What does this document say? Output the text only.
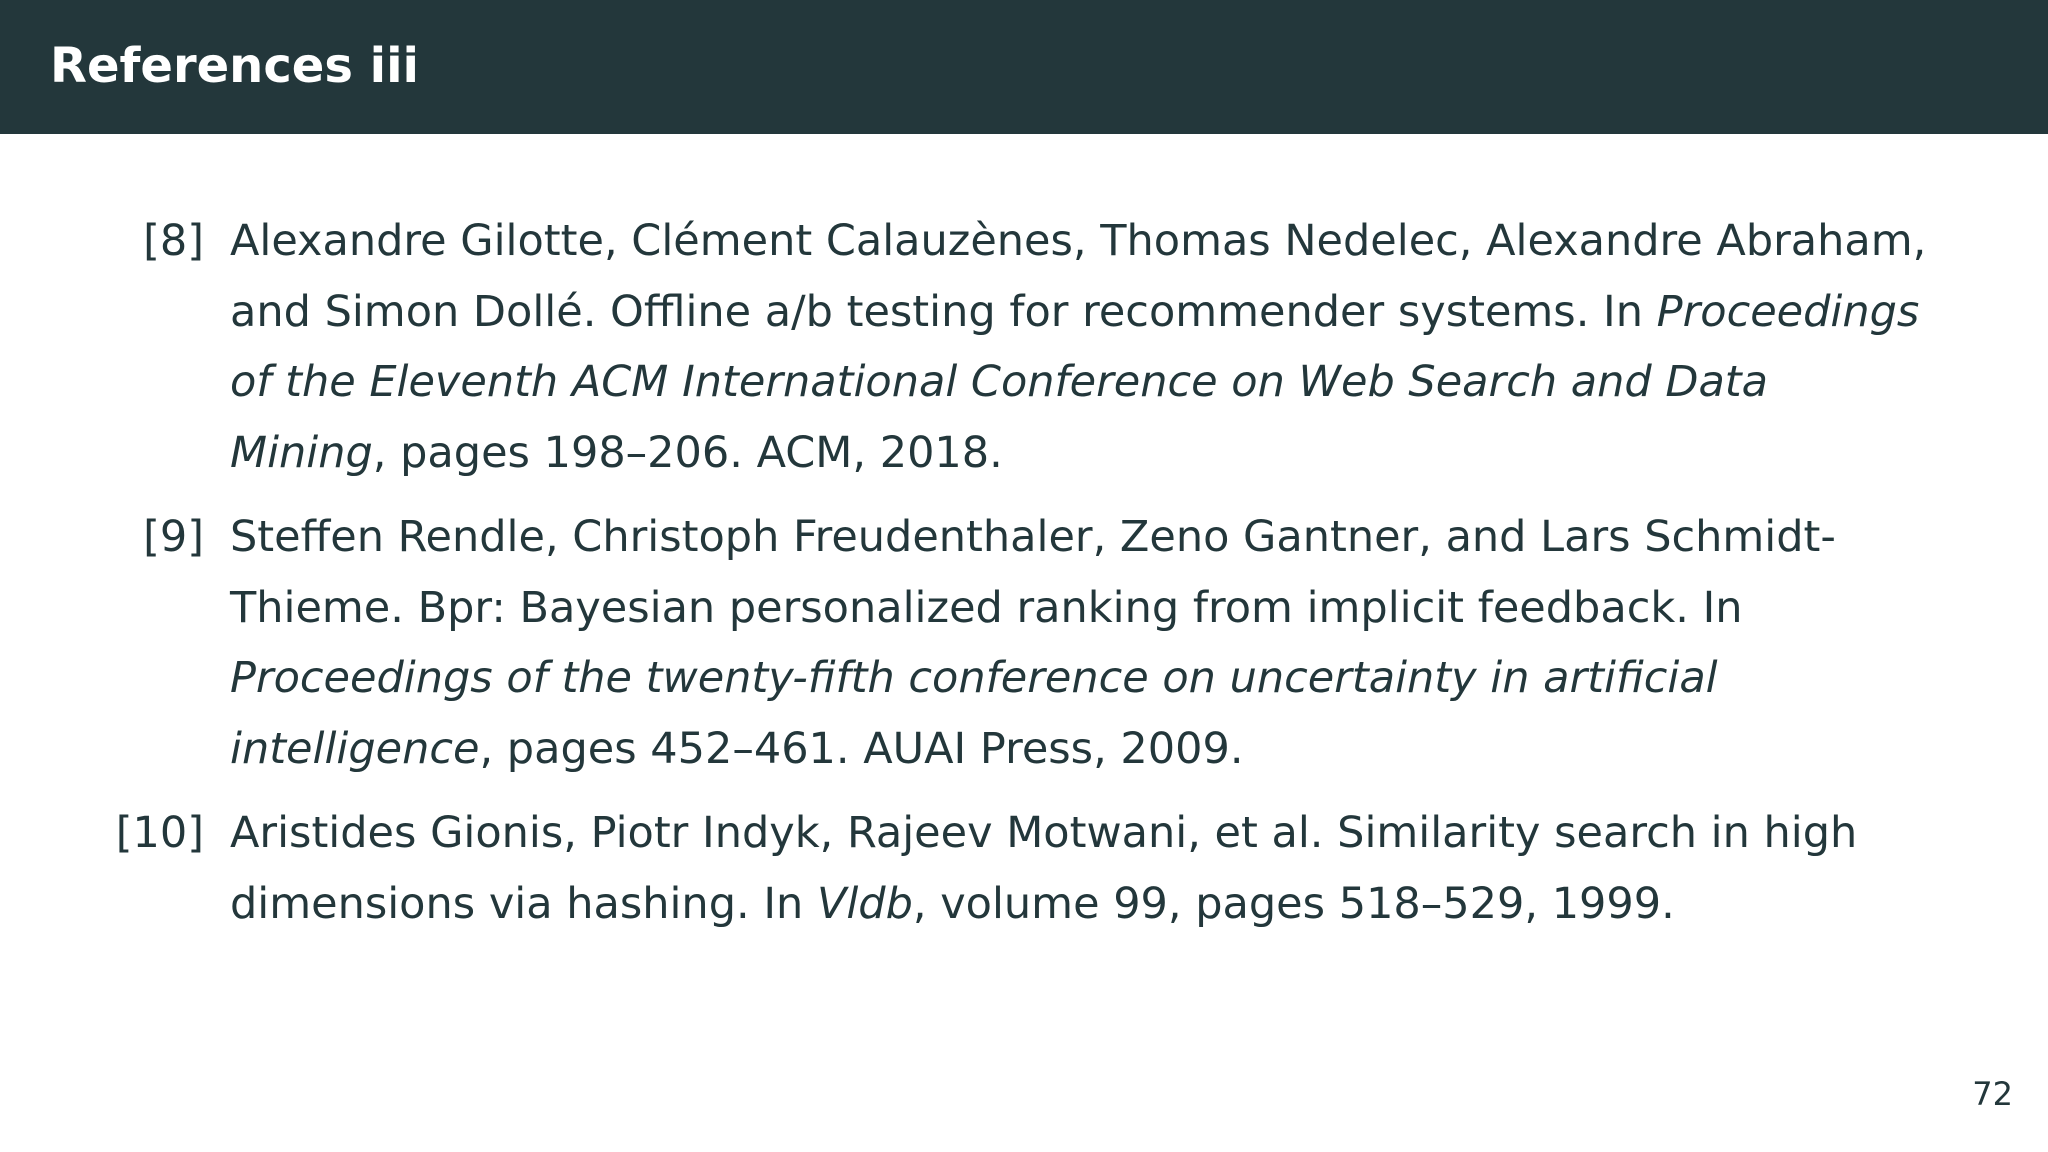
References iii
[8] Alexandre Gilotte, Clément Calauzènes, Thomas Nedelec, Alexandre Abraham, and Simon Dollé. Offline a/b testing for recommender systems. In Proceedings of the Eleventh ACM International Conference on Web Search and Data Mining, pages 198–206. ACM, 2018.
[9] Steffen Rendle, Christoph Freudenthaler, Zeno Gantner, and Lars Schmidt-Thieme. Bpr: Bayesian personalized ranking from implicit feedback. In Proceedings of the twenty-fifth conference on uncertainty in artificial intelligence, pages 452–461. AUAI Press, 2009.
[10] Aristides Gionis, Piotr Indyk, Rajeev Motwani, et al. Similarity search in high dimensions via hashing. In Vldb, volume 99, pages 518–529, 1999.
72
